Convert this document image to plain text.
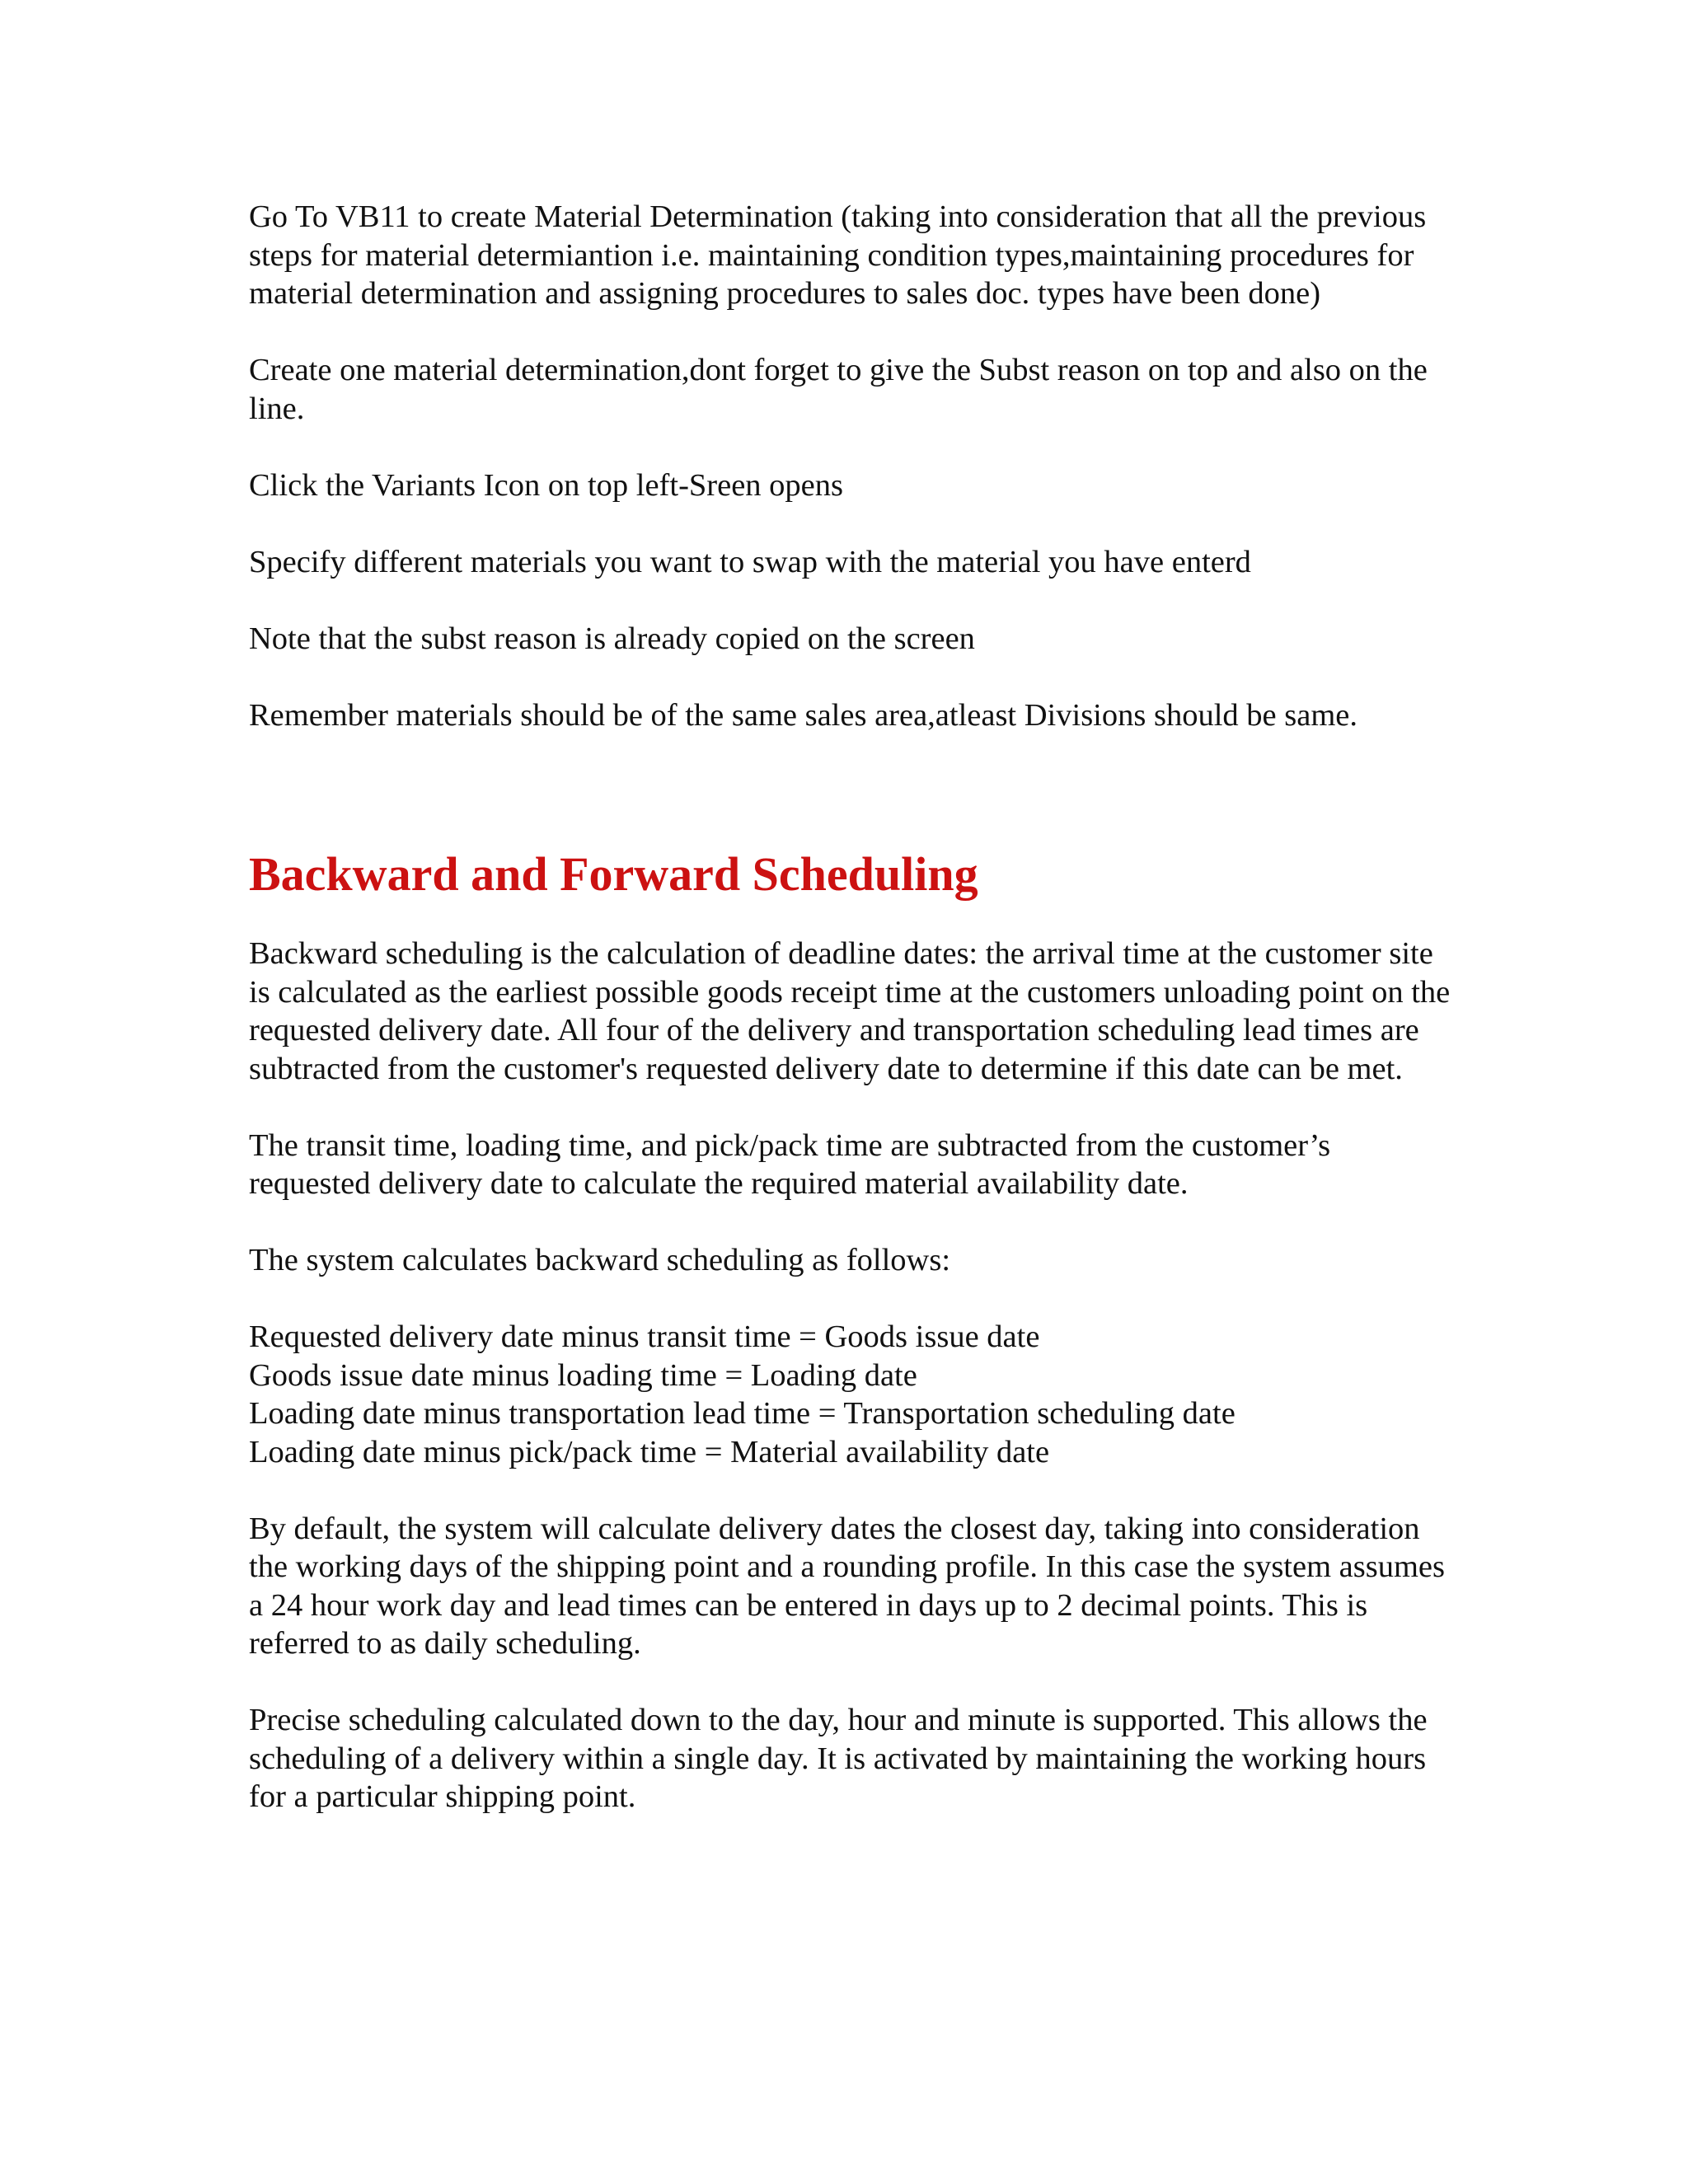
Go To VB11 to create Material Determination (taking into consideration that all the previous steps for material determiantion i.e. maintaining condition types,maintaining procedures for material determination and assigning procedures to sales doc. types have been done)

Create one material determination,dont forget to give the Subst reason on top and also on the line.

Click the Variants Icon on top left-Sreen opens

Specify different materials you want to swap with the material you have enterd

Note that the subst reason is already copied on the screen

Remember materials should be of the same sales area,atleast Divisions should be same.

Backward and Forward Scheduling

Backward scheduling is the calculation of deadline dates: the arrival time at the customer site is calculated as the earliest possible goods receipt time at the customers unloading point on the requested delivery date. All four of the delivery and transportation scheduling lead times are subtracted from the customer's requested delivery date to determine if this date can be met.

The transit time, loading time, and pick/pack time are subtracted from the customer’s requested delivery date to calculate the required material availability date.

The system calculates backward scheduling as follows:

Requested delivery date minus transit time = Goods issue date
Goods issue date minus loading time = Loading date
Loading date minus transportation lead time = Transportation scheduling date
Loading date minus pick/pack time = Material availability date

By default, the system will calculate delivery dates the closest day, taking into consideration the working days of the shipping point and a rounding profile. In this case the system assumes a 24 hour work day and lead times can be entered in days up to 2 decimal points. This is referred to as daily scheduling.

Precise scheduling calculated down to the day, hour and minute is supported. This allows the scheduling of a delivery within a single day. It is activated by maintaining the working hours for a particular shipping point.
